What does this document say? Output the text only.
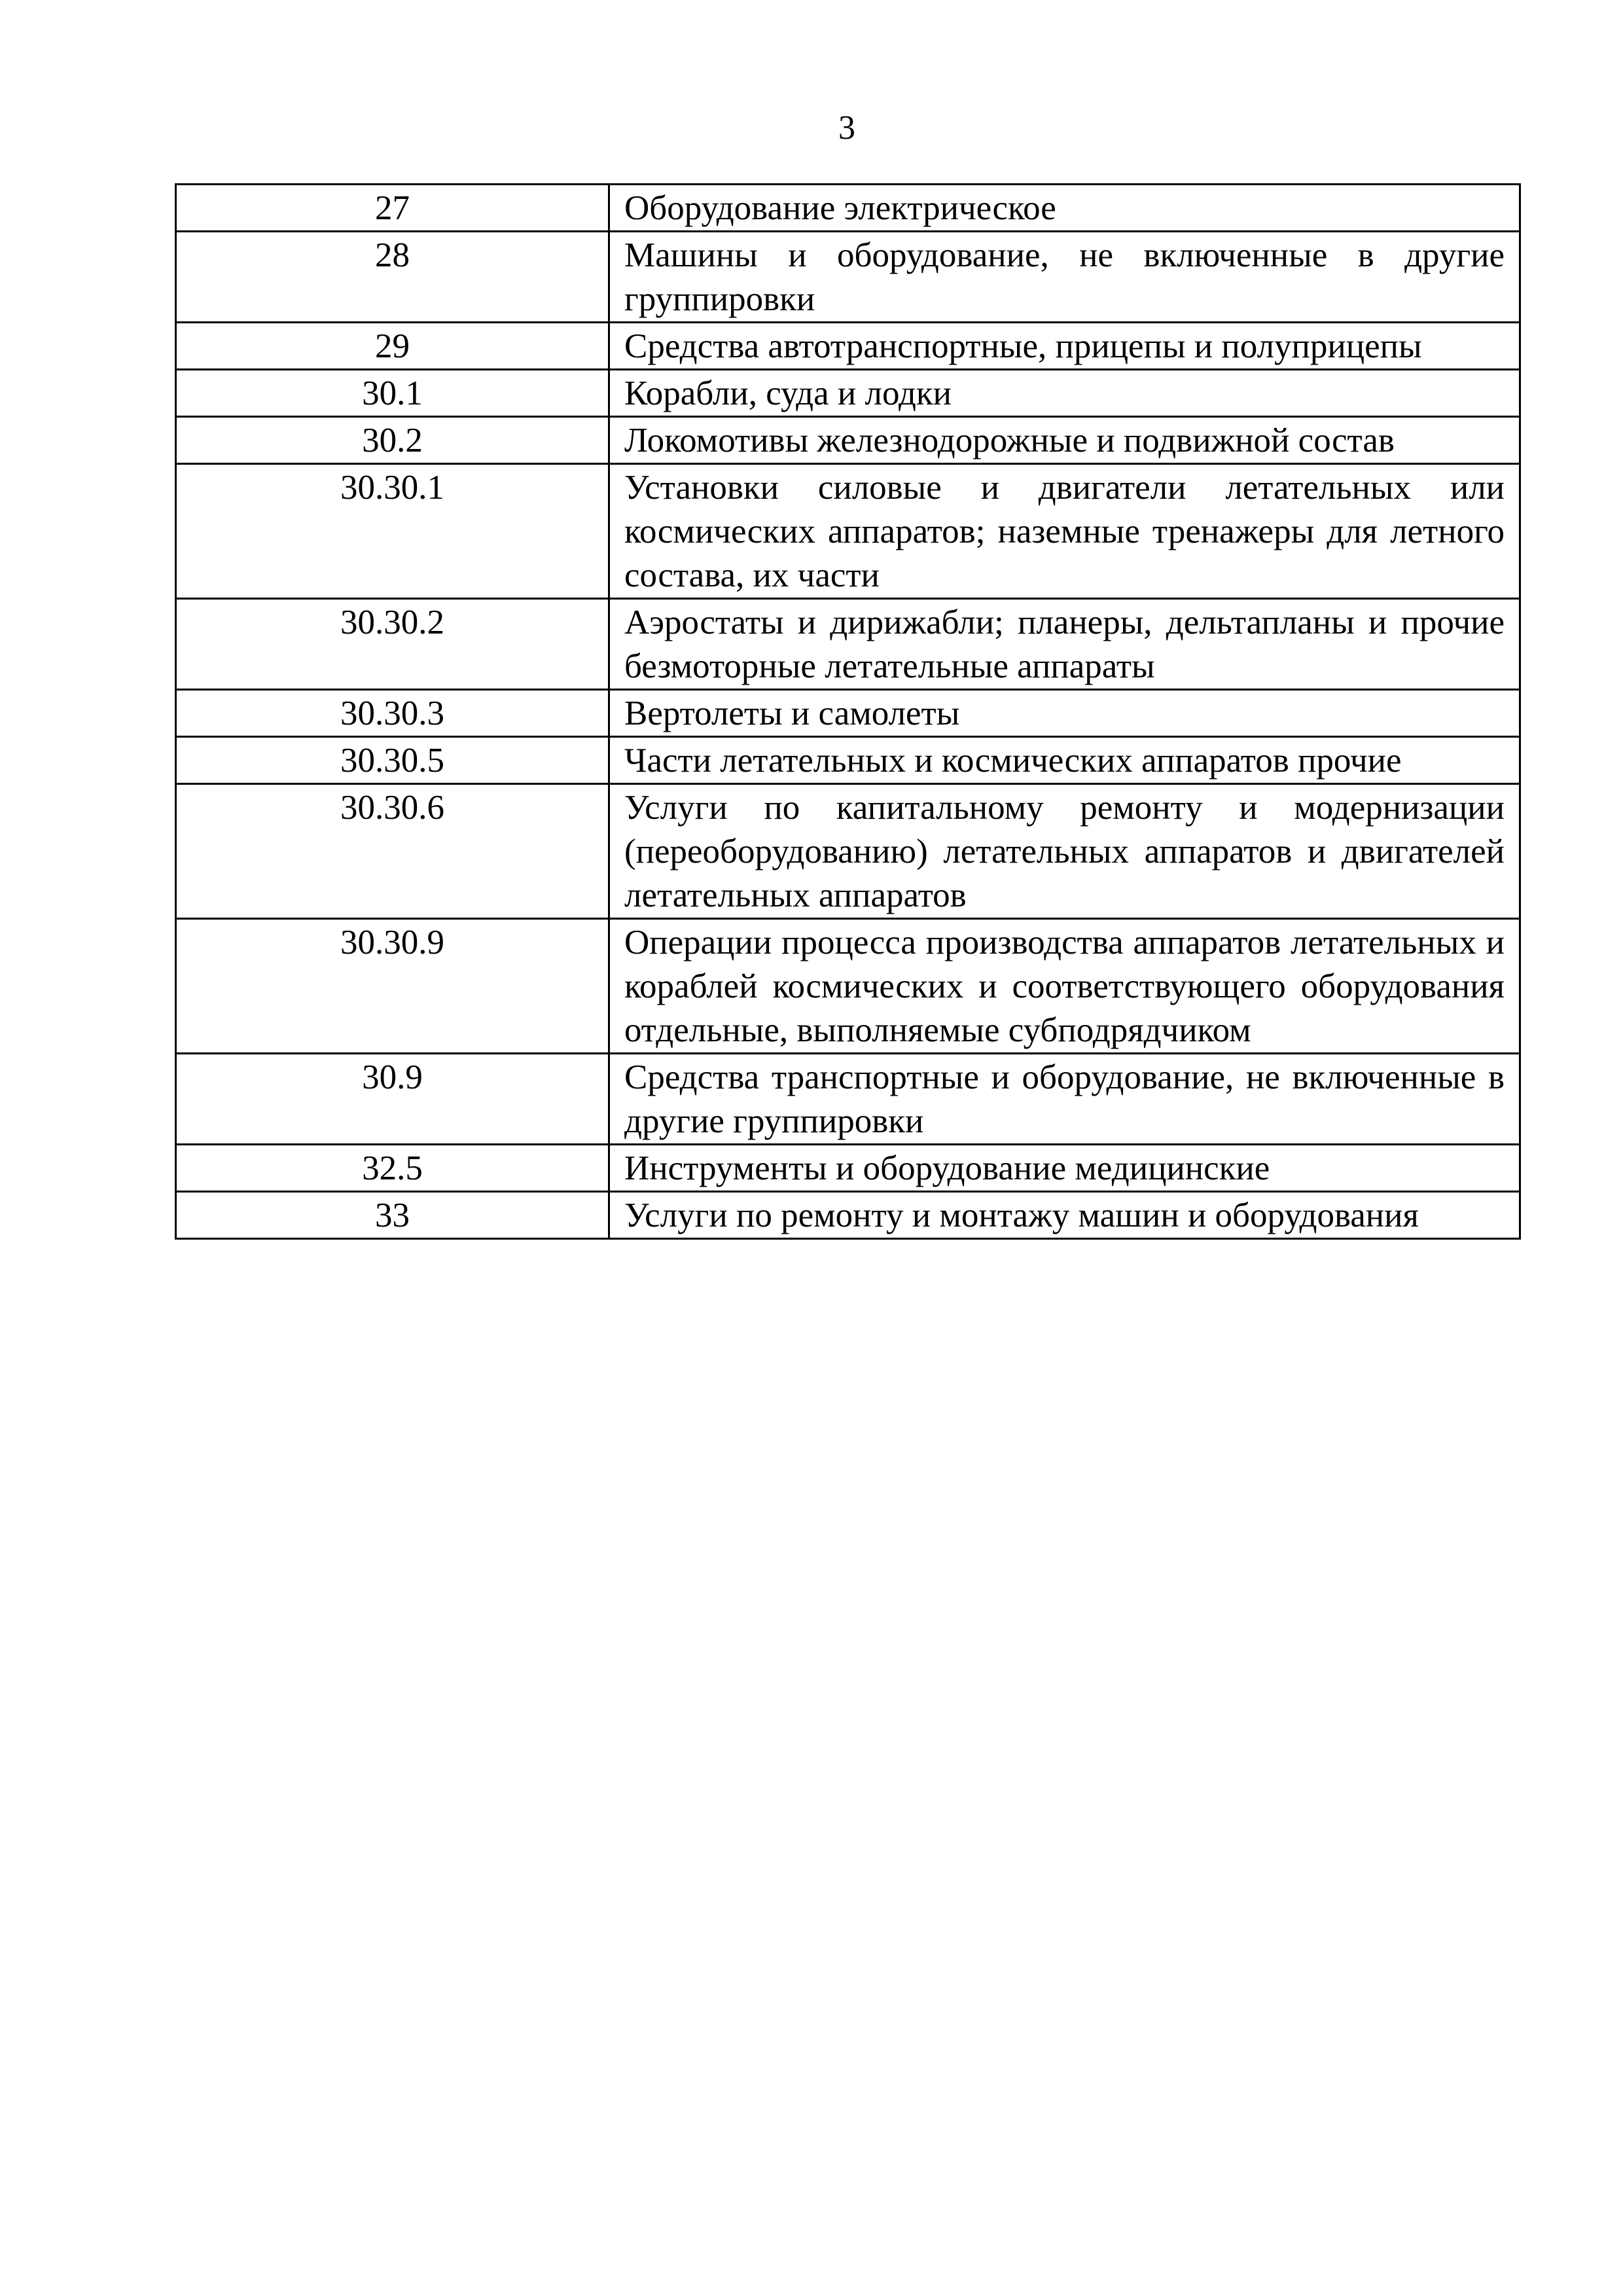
3
27	Оборудование электрическое
28	Машины и оборудование, не включенные в другие группировки
29	Средства автотранспортные, прицепы и полуприцепы
30.1	Корабли, суда и лодки
30.2	Локомотивы железнодорожные и подвижной состав
30.30.1	Установки силовые и двигатели летательных или космических аппаратов; наземные тренажеры для летного состава, их части
30.30.2	Аэростаты и дирижабли; планеры, дельтапланы и прочие безмоторные летательные аппараты
30.30.3	Вертолеты и самолеты
30.30.5	Части летательных и космических аппаратов прочие
30.30.6	Услуги по капитальному ремонту и модернизации (переоборудованию) летательных аппаратов и двигателей летательных аппаратов
30.30.9	Операции процесса производства аппаратов летательных и кораблей космических и соответствующего оборудования отдельные, выполняемые субподрядчиком
30.9	Средства транспортные и оборудование, не включенные в другие группировки
32.5	Инструменты и оборудование медицинские
33	Услуги по ремонту и монтажу машин и оборудования
